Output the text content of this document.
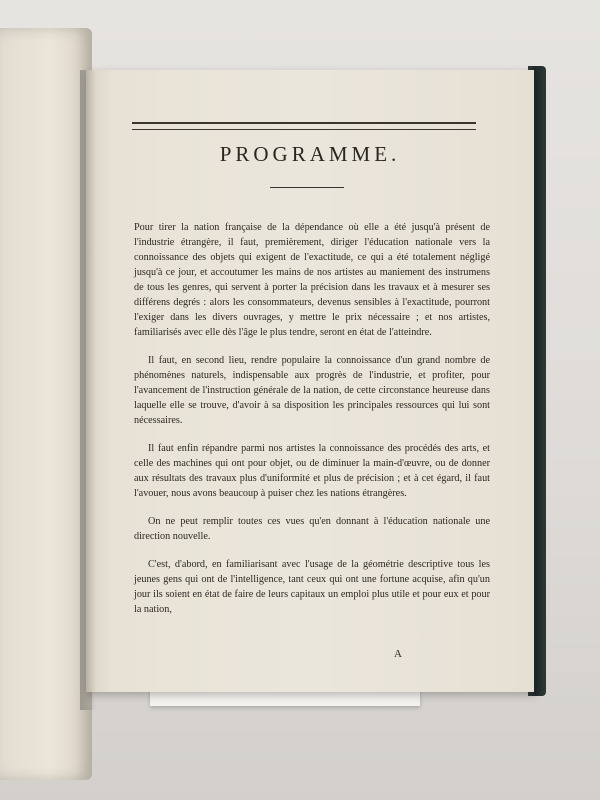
PROGRAMME.

Pour tirer la nation française de la dépendance où elle a été jusqu'à présent de l'industrie étrangère, il faut, premièrement, diriger l'éducation nationale vers la connoissance des objets qui exigent de l'exactitude, ce qui a été totalement négligé jusqu'à ce jour, et accoutumer les mains de nos artistes au maniement des instrumens de tous les genres, qui servent à porter la précision dans les travaux et à mesurer ses différens degrés : alors les consommateurs, devenus sensibles à l'exactitude, pourront l'exiger dans les divers ouvrages, y mettre le prix nécessaire ; et nos artistes, familiarisés avec elle dès l'âge le plus tendre, seront en état de l'atteindre.

Il faut, en second lieu, rendre populaire la connoissance d'un grand nombre de phénomènes naturels, indispensable aux progrès de l'industrie, et profiter, pour l'avancement de l'instruction générale de la nation, de cette circonstance heureuse dans laquelle elle se trouve, d'avoir à sa disposition les principales ressources qui lui sont nécessaires.

Il faut enfin répandre parmi nos artistes la connoissance des procédés des arts, et celle des machines qui ont pour objet, ou de diminuer la main-d'œuvre, ou de donner aux résultats des travaux plus d'uniformité et plus de précision ; et à cet égard, il faut l'avouer, nous avons beaucoup à puiser chez les nations étrangères.

On ne peut remplir toutes ces vues qu'en donnant à l'éducation nationale une direction nouvelle.

C'est, d'abord, en familiarisant avec l'usage de la géométrie descriptive tous les jeunes gens qui ont de l'intelligence, tant ceux qui ont une fortune acquise, afin qu'un jour ils soient en état de faire de leurs capitaux un emploi plus utile et pour eux et pour la nation,

A
